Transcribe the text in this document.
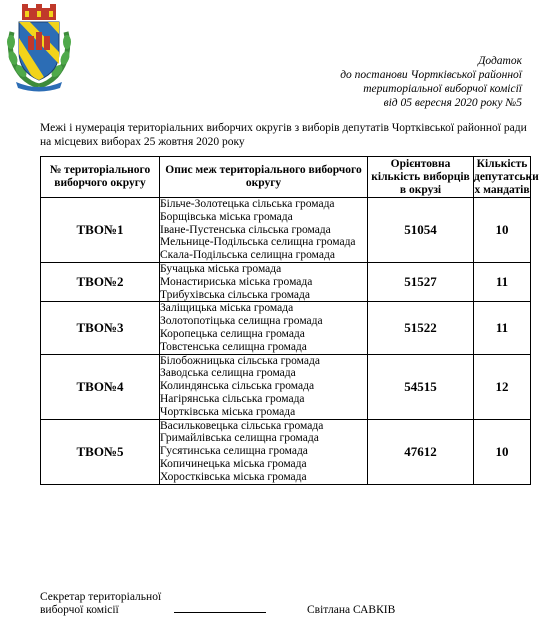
Додаток
до постанови Чортківської районної
територіальної виборчої комісії
від 05 вересня 2020 року №5
Межі і нумерація територіальних виборчих округів з виборів депутатів Чортківської районної ради
на місцевих виборах 25 жовтня 2020 року
№ територіального виборчого округу	Опис меж територіального виборчого округу	Орієнтовна кількість виборців в окрузі	Кількість депутатськи х мандатів
ТВО№1	Більче-Золотецька сільська громада
Борщівська міська громада
Іване-Пустенська сільська громада
Мельнице-Подільська селищна громада
Скала-Подільська селищна громада	51054	10
ТВО№2	Бучацька міська громада
Монастириська міська громада
Трибухівська сільська громада	51527	11
ТВО№3	Заліщицька міська громада
Золотопотіцька селищна громада
Коропецька селищна громада
Товстенська селищна громада	51522	11
ТВО№4	Білобожницька сільська громада
Заводська селищна громада
Колиндянська сільська громада
Нагірянська сільська громада
Чортківська міська громада	54515	12
ТВО№5	Васильковецька сільська громада
Гримайлівська селищна громада
Гусятинська селищна громада
Копичинецька міська громада
Хоростківська міська громада	47612	10
Секретар територіальної
виборчої комісії	Світлана САВКІВ
